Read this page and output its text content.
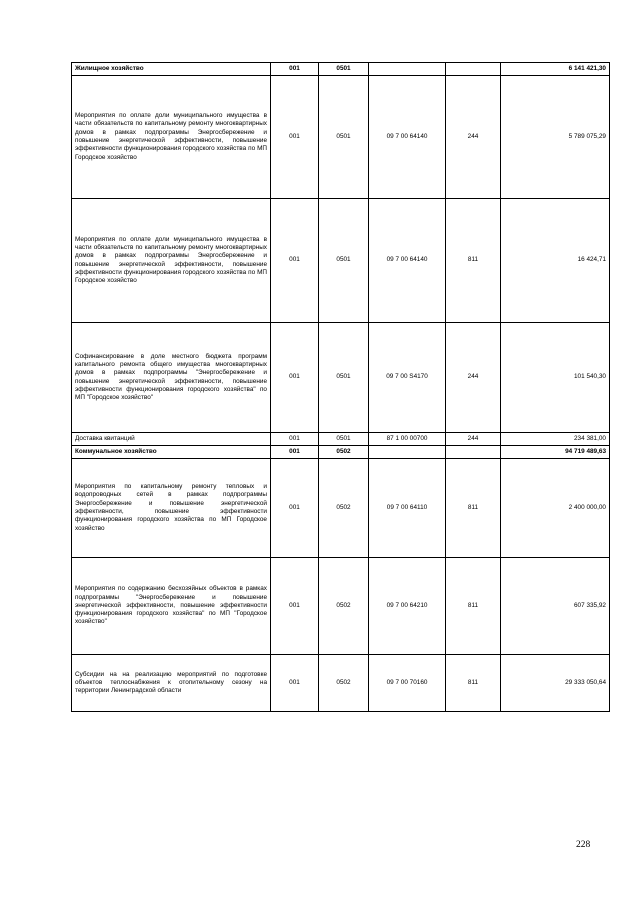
Жилищное хозяйство	001	0501			6 141 421,30
Мероприятия по оплате доли муниципального имущества в части обязательств по капитальному ремонту многоквартирных домов в рамках подпрограммы Энергосбережение и повышение энергетической эффективности, повышение эффективности функционирования городского хозяйства по МП Городское хозяйство	001	0501	09 7 00 64140	244	5 789 075,29
Мероприятия по оплате доли муниципального имущества в части обязательств по капитальному ремонту многоквартирных домов в рамках подпрограммы Энергосбережение и повышение энергетической эффективности, повышение эффективности функционирования городского хозяйства по МП Городское хозяйство	001	0501	09 7 00 64140	811	16 424,71
Софинансирование в доле местного бюджета программ капитального ремонта общего имущества многоквартирных домов в рамках подпрограммы "Энергосбережение и повышение энергетической эффективности, повышение эффективности функционирования городского хозяйства" по МП "Городское хозяйство"	001	0501	09 7 00 S4170	244	101 540,30
Доставка квитанций	001	0501	87 1 00 00700	244	234 381,00
Коммунальное хозяйство	001	0502			94 719 489,63
Мероприятия по капитальному ремонту тепловых и водопроводных сетей в рамках подпрограммы Энергосбережение и повышение энергетической эффективности, повышение эффективности функционирования городского хозяйства по МП Городское хозяйство	001	0502	09 7 00 64110	811	2 400 000,00
Мероприятия по содержанию бесхозяйных объектов в рамках подпрограммы "Энергосбережение и повышение энергетической эффективности, повышение эффективности функционирования городского хозяйства" по МП "Городское хозяйство"	001	0502	09 7 00 64210	811	607 335,92
Субсидии на на реализацию мероприятий по подготовке объектов теплоснабжения к отопительному сезону на территории Ленинградской области	001	0502	09 7 00 70160	811	29 333 050,64
228
